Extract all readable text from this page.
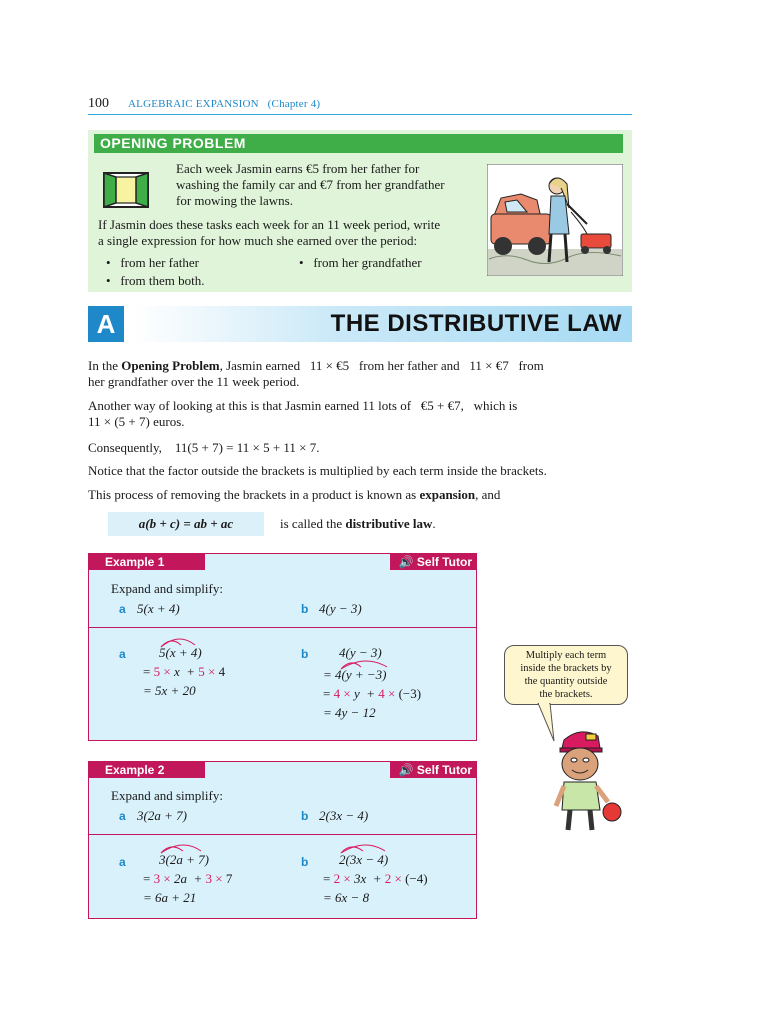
100 ALGEBRAIC EXPANSION   (Chapter 4)
OPENING PROBLEM
Each week Jasmin earns €5 from her father for
washing the family car and €7 from her grandfather
for mowing the lawns.
If Jasmin does these tasks each week for an 11 week period, write
a single expression for how much she earned over the period:
•   from her father	•   from her grandfather
•   from them both.
A	THE DISTRIBUTIVE LAW
In the Opening Problem, Jasmin earned   11 × €5   from her father and   11 × €7   from
her grandfather over the 11 week period.
Another way of looking at this is that Jasmin earned 11 lots of   €5 + €7,   which is
11 × (5 + 7) euros.
Consequently,    11(5 + 7) = 11 × 5 + 11 × 7.
Notice that the factor outside the brackets is multiplied by each term inside the brackets.
This process of removing the brackets in a product is known as expansion, and
a(b + c) = ab + ac	is called the distributive law.
Example 1	🔊 Self Tutor
Expand and simplify:
a 5(x + 4)	b 4(y − 3)
a	5(x + 4)
= 5 × x  + 5 × 4
= 5x + 20
b 4(y − 3)
= 4(y + −3)
= 4 × y  + 4 × (−3)
= 4y − 12
Multiply each term
inside the brackets by
the quantity outside
the brackets.
Example 2	🔊 Self Tutor
Expand and simplify:
a 3(2a + 7)	b 2(3x − 4)
a	3(2a + 7)
= 3 × 2a  + 3 × 7
= 6a + 21
b 2(3x − 4)
= 2 × 3x  + 2 × (−4)
= 6x − 8
